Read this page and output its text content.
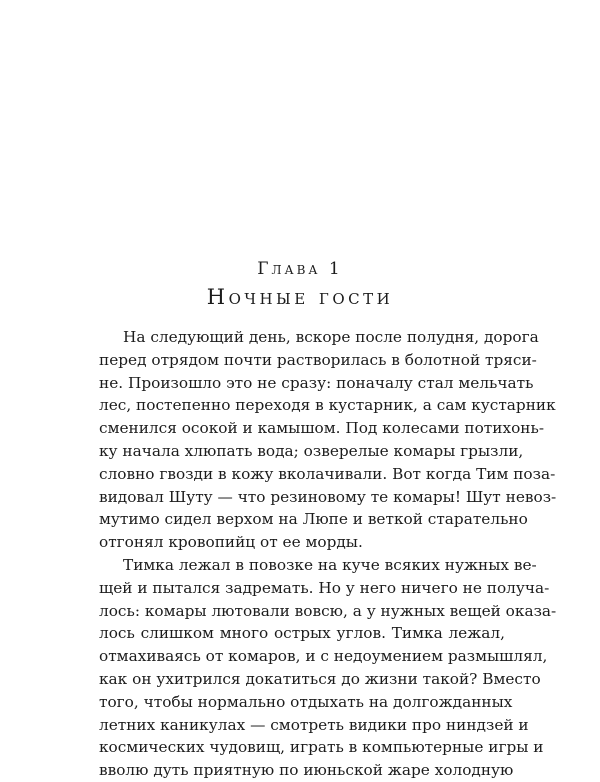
Глава 1
Ночные гости
На следующий день, вскоре после полудня, дорога
перед отрядом почти растворилась в болотной тряси-
не. Произошло это не сразу: поначалу стал мельчать
лес, постепенно переходя в кустарник, а сам кустарник
сменился осокой и камышом. Под колесами потихонь-
ку начала хлюпать вода; озверелые комары грызли,
словно гвозди в кожу вколачивали. Вот когда Тим поза-
видовал Шуту — что резиновому те комары! Шут невоз-
мутимо сидел верхом на Люпе и веткой старательно
отгонял кровопийц от ее морды.
Тимка лежал в повозке на куче всяких нужных ве-
щей и пытался задремать. Но у него ничего не получа-
лось: комары лютовали вовсю, а у нужных вещей оказа-
лось слишком много острых углов. Тимка лежал,
отмахиваясь от комаров, и с недоумением размышлял,
как он ухитрился докатиться до жизни такой? Вместо
того, чтобы нормально отдыхать на долгожданных
летних каникулах — смотреть видики про ниндзей и
космических чудовищ, играть в компьютерные игры и
вволю дуть приятную по июньской жаре холодную
